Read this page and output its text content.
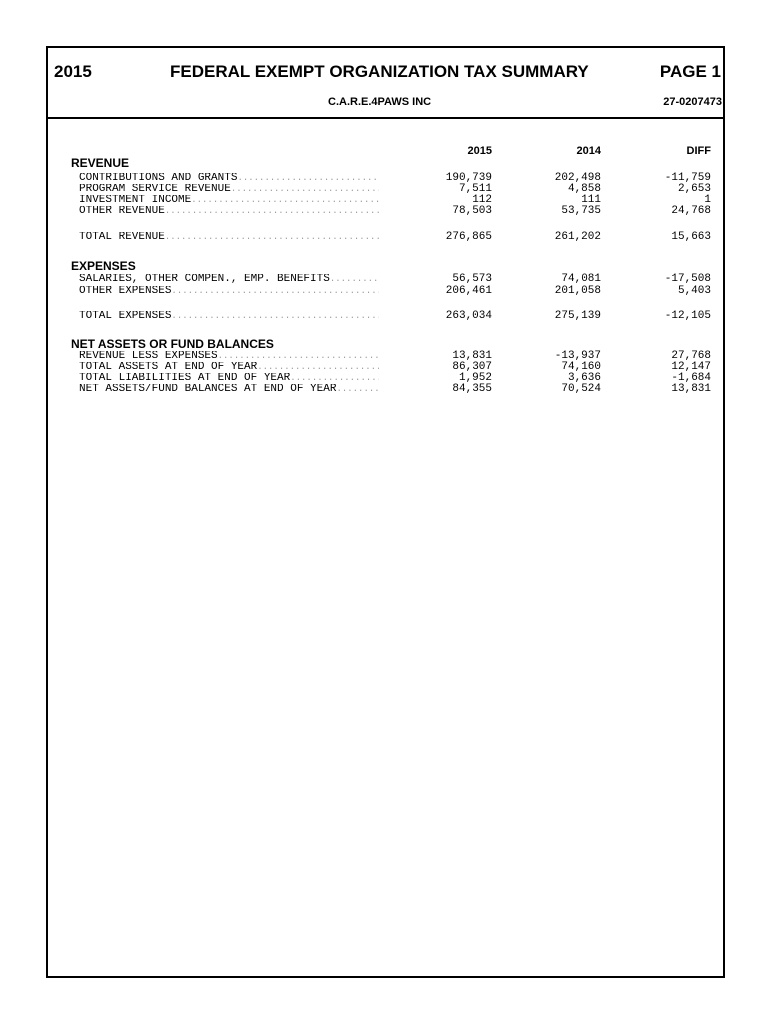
2015	FEDERAL EXEMPT ORGANIZATION TAX SUMMARY	PAGE 1
C.A.R.E.4PAWS INC	27-0207473
2015	2014	DIFF
REVENUE
CONTRIBUTIONS AND GRANTS .....	190,739	202,498	-11,759
PROGRAM SERVICE REVENUE .....	7,511	4,858	2,653
INVESTMENT INCOME .....	112	111	1
OTHER REVENUE .....	78,503	53,735	24,768
TOTAL REVENUE .....	276,865	261,202	15,663
EXPENSES
SALARIES, OTHER COMPEN., EMP. BENEFITS .....	56,573	74,081	-17,508
OTHER EXPENSES .....	206,461	201,058	5,403
TOTAL EXPENSES .....	263,034	275,139	-12,105
NET ASSETS OR FUND BALANCES
REVENUE LESS EXPENSES .....	13,831	-13,937	27,768
TOTAL ASSETS AT END OF YEAR .....	86,307	74,160	12,147
TOTAL LIABILITIES AT END OF YEAR .....	1,952	3,636	-1,684
NET ASSETS/FUND BALANCES AT END OF YEAR .....	84,355	70,524	13,831
